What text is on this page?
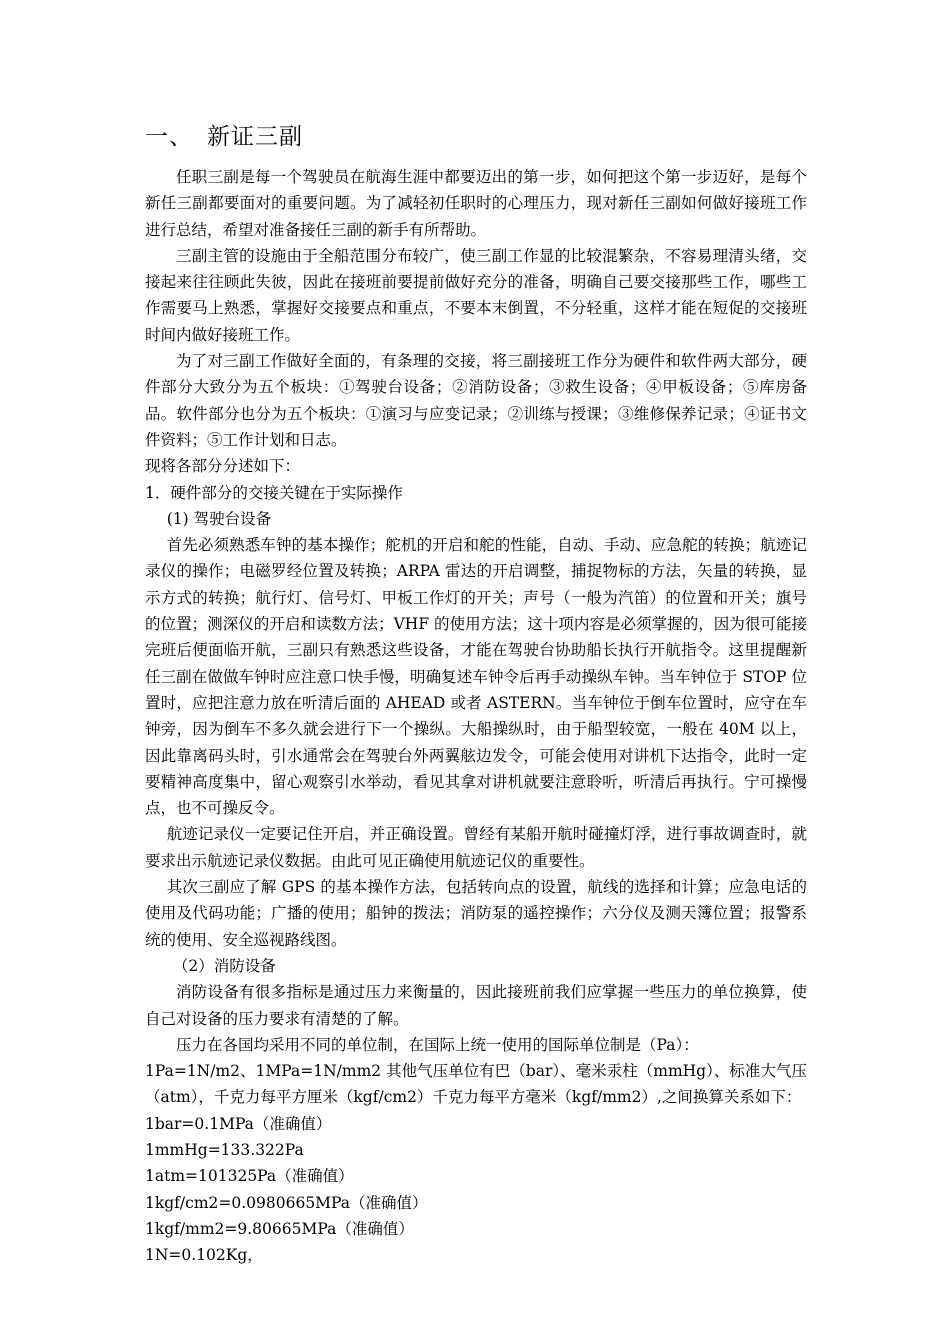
一、 新证三副

任职三副是每一个驾驶员在航海生涯中都要迈出的第一步，如何把这个第一步迈好，是每个新任三副都要面对的重要问题。为了减轻初任职时的心理压力，现对新任三副如何做好接班工作进行总结，希望对准备接任三副的新手有所帮助。

三副主管的设施由于全船范围分布较广，使三副工作显的比较混繁杂，不容易理清头绪，交接起来往往顾此失彼，因此在接班前要提前做好充分的准备，明确自己要交接那些工作，哪些工作需要马上熟悉，掌握好交接要点和重点，不要本末倒置，不分轻重，这样才能在短促的交接班时间内做好接班工作。

为了对三副工作做好全面的，有条理的交接，将三副接班工作分为硬件和软件两大部分，硬件部分大致分为五个板块：①驾驶台设备；②消防设备；③救生设备；④甲板设备；⑤库房备品。软件部分也分为五个板块：①演习与应变记录；②训练与授课；③维修保养记录；④证书文件资料；⑤工作计划和日志。

现将各部分分述如下：

1．硬件部分的交接关键在于实际操作

(1) 驾驶台设备

首先必须熟悉车钟的基本操作；舵机的开启和舵的性能，自动、手动、应急舵的转换；航迹记录仪的操作；电磁罗经位置及转换；ARPA 雷达的开启调整，捕捉物标的方法，矢量的转换，显示方式的转换；航行灯、信号灯、甲板工作灯的开关；声号（一般为汽笛）的位置和开关；旗号的位置；测深仪的开启和读数方法；VHF 的使用方法；这十项内容是必须掌握的，因为很可能接完班后便面临开航，三副只有熟悉这些设备，才能在驾驶台协助船长执行开航指令。这里提醒新任三副在做做车钟时应注意口快手慢，明确复述车钟令后再手动操纵车钟。当车钟位于 STOP 位置时，应把注意力放在听清后面的 AHEAD 或者 ASTERN。当车钟位于倒车位置时，应守在车钟旁，因为倒车不多久就会进行下一个操纵。大船操纵时，由于船型较宽，一般在 40M 以上，因此靠离码头时，引水通常会在驾驶台外两翼舷边发令，可能会使用对讲机下达指令，此时一定要精神高度集中，留心观察引水举动，看见其拿对讲机就要注意聆听，听清后再执行。宁可操慢点，也不可操反令。

航迹记录仪一定要记住开启，并正确设置。曾经有某船开航时碰撞灯浮，进行事故调查时，就要求出示航迹记录仪数据。由此可见正确使用航迹记仪的重要性。

其次三副应了解 GPS 的基本操作方法，包括转向点的设置，航线的选择和计算；应急电话的使用及代码功能；广播的使用；船钟的拨法；消防泵的遥控操作；六分仪及测天簿位置；报警系统的使用、安全巡视路线图。

（2）消防设备

消防设备有很多指标是通过压力来衡量的，因此接班前我们应掌握一些压力的单位换算，使自己对设备的压力要求有清楚的了解。

压力在各国均采用不同的单位制，在国际上统一使用的国际单位制是（Pa）：

1Pa=1N/m2、1MPa=1N/mm2 其他气压单位有巴（bar）、毫米汞柱（mmHg）、标准大气压（atm），千克力每平方厘米（kgf/cm2）千克力每平方毫米（kgf/mm2）,之间换算关系如下：

1bar=0.1MPa（准确值）

1mmHg=133.322Pa

1atm=101325Pa（准确值）

1kgf/cm2=0.0980665MPa（准确值）

1kgf/mm2=9.80665MPa（准确值）

1N=0.102Kg，
